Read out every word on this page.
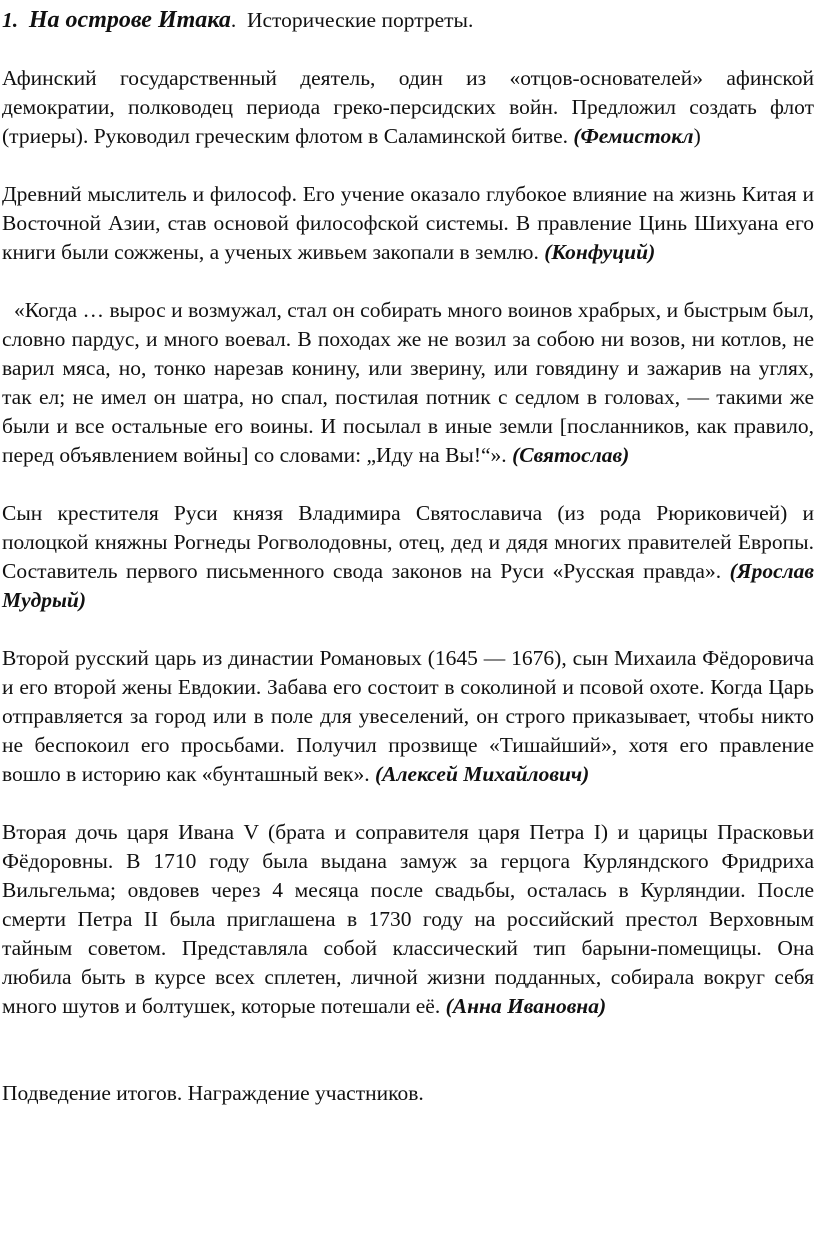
1. На острове Итака. Исторические портреты.

Афинский государственный деятель, один из «отцов-основателей» афинской демократии, полководец периода греко-персидских войн. Предложил создать флот (триеры). Руководил греческим флотом в Саламинской битве. (Фемистокл)

Древний мыслитель и философ. Его учение оказало глубокое влияние на жизнь Китая и Восточной Азии, став основой философской системы. В правление Цинь Шихуана его книги были сожжены, а ученых живьем закопали в землю. (Конфуций)

«Когда … вырос и возмужал, стал он собирать много воинов храбрых, и быстрым был, словно пардус, и много воевал. В походах же не возил за собою ни возов, ни котлов, не варил мяса, но, тонко нарезав конину, или зверину, или говядину и зажарив на углях, так ел; не имел он шатра, но спал, постилая потник с седлом в головах, — такими же были и все остальные его воины. И посылал в иные земли [посланников, как правило, перед объявлением войны] со словами: „Иду на Вы!“». (Святослав)

Сын крестителя Руси князя Владимира Святославича (из рода Рюриковичей) и полоцкой княжны Рогнеды Рогволодовны, отец, дед и дядя многих правителей Европы. Составитель первого письменного свода законов на Руси «Русская правда». (Ярослав Мудрый)

Второй русский царь из династии Романовых (1645 — 1676), сын Михаила Фёдоровича и его второй жены Евдокии. Забава его состоит в соколиной и псовой охоте. Когда Царь отправляется за город или в поле для увеселений, он строго приказывает, чтобы никто не беспокоил его просьбами. Получил прозвище «Тишайший», хотя его правление вошло в историю как «бунташный век». (Алексей Михайлович)

Вторая дочь царя Ивана V (брата и соправителя царя Петра I) и царицы Прасковьи Фёдоровны. В 1710 году была выдана замуж за герцога Курляндского Фридриха Вильгельма; овдовев через 4 месяца после свадьбы, осталась в Курляндии. После смерти Петра II была приглашена в 1730 году на российский престол Верховным тайным советом. Представляла собой классический тип барыни-помещицы. Она любила быть в курсе всех сплетен, личной жизни подданных, собирала вокруг себя много шутов и болтушек, которые потешали её. (Анна Ивановна)

Подведение итогов. Награждение участников.
